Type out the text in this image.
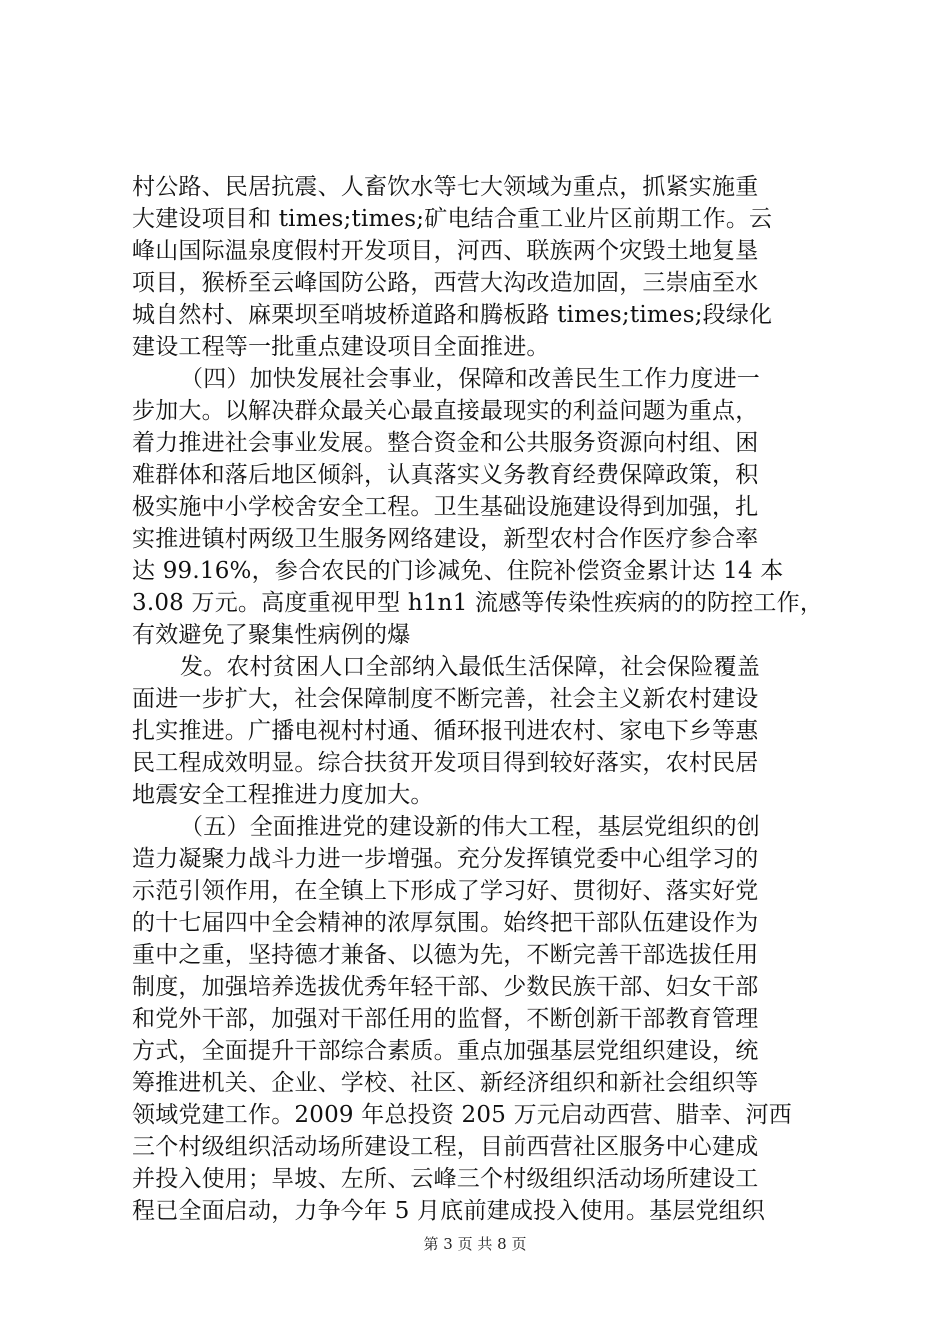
村公路、民居抗震、人畜饮水等七大领域为重点，抓紧实施重
大建设项目和 times;times;矿电结合重工业片区前期工作。云
峰山国际温泉度假村开发项目，河西、联族两个灾毁土地复垦
项目，猴桥至云峰国防公路，西营大沟改造加固，三崇庙至水
城自然村、麻栗坝至哨坡桥道路和腾板路 times;times;段绿化
建设工程等一批重点建设项目全面推进。
（四）加快发展社会事业，保障和改善民生工作力度进一
步加大。以解决群众最关心最直接最现实的利益问题为重点，
着力推进社会事业发展。整合资金和公共服务资源向村组、困
难群体和落后地区倾斜，认真落实义务教育经费保障政策，积
极实施中小学校舍安全工程。卫生基础设施建设得到加强，扎
实推进镇村两级卫生服务网络建设，新型农村合作医疗参合率
达 99.16%，参合农民的门诊减免、住院补偿资金累计达 14 本
3.08 万元。高度重视甲型 h1n1 流感等传染性疾病的的防控工作，
有效避免了聚集性病例的爆
发。农村贫困人口全部纳入最低生活保障，社会保险覆盖
面进一步扩大，社会保障制度不断完善，社会主义新农村建设
扎实推进。广播电视村村通、循环报刊进农村、家电下乡等惠
民工程成效明显。综合扶贫开发项目得到较好落实，农村民居
地震安全工程推进力度加大。
（五）全面推进党的建设新的伟大工程，基层党组织的创
造力凝聚力战斗力进一步增强。充分发挥镇党委中心组学习的
示范引领作用，在全镇上下形成了学习好、贯彻好、落实好党
的十七届四中全会精神的浓厚氛围。始终把干部队伍建设作为
重中之重，坚持德才兼备、以德为先，不断完善干部选拔任用
制度，加强培养选拔优秀年轻干部、少数民族干部、妇女干部
和党外干部，加强对干部任用的监督，不断创新干部教育管理
方式，全面提升干部综合素质。重点加强基层党组织建设，统
筹推进机关、企业、学校、社区、新经济组织和新社会组织等
领域党建工作。2009 年总投资 205 万元启动西营、腊幸、河西
三个村级组织活动场所建设工程，目前西营社区服务中心建成
并投入使用；旱坡、左所、云峰三个村级组织活动场所建设工
程已全面启动，力争今年 5 月底前建成投入使用。基层党组织
第 3 页 共 8 页
